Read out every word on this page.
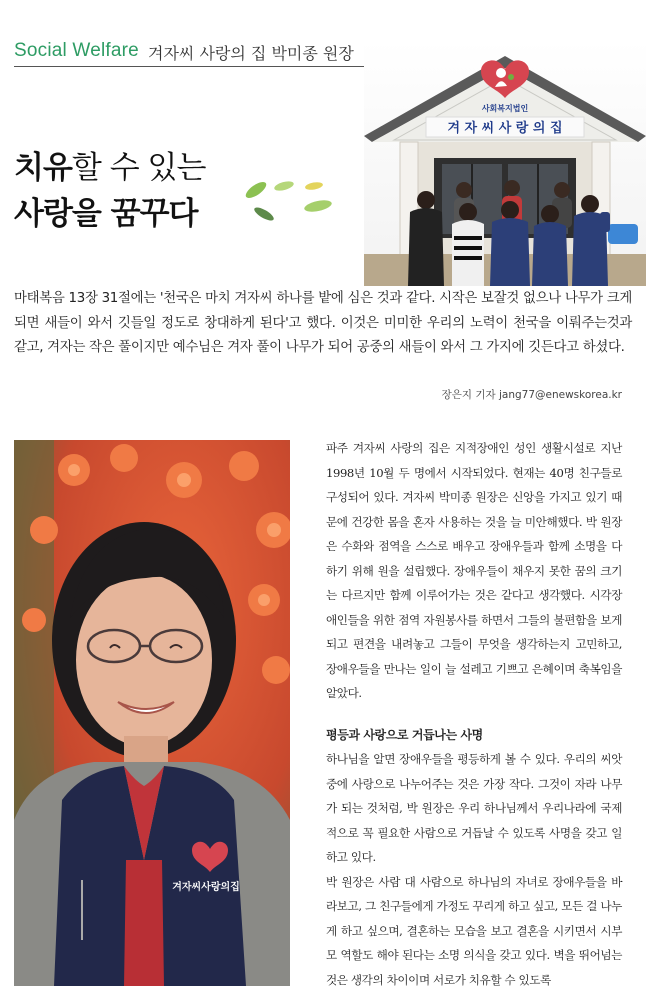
Social Welfare 겨자씨 사랑의 집 박미종 원장
사회복지법인
겨 자 씨 사 랑 의 집
치유할 수 있는
사랑을 꿈꾸다
마태복음 13장 31절에는 '천국은 마치 겨자씨 하나를 밭에 심은 것과 같다. 시작은 보잘것 없으나 나무가 크게 되면 새들이 와서 깃들일 정도로 창대하게 된다'고 했다. 이것은 미미한 우리의 노력이 천국을 이뤄주는것과 같고, 겨자는 작은 풀이지만 예수님은 겨자 풀이 나무가 되어 공중의 새들이 와서 그 가지에 깃든다고 하셨다.
장은지 기자 jang77@enewskorea.kr
겨자씨사랑의집

파주 겨자씨 사랑의 집은 지적장애인 성인 생활시설로 지난 1998년 10월 두 명에서 시작되었다. 현재는 40명 친구들로 구성되어 있다. 겨자씨 박미종 원장은 신앙을 가지고 있기 때문에 건강한 몸을 혼자 사용하는 것을 늘 미안해했다. 박 원장은 수화와 점역을 스스로 배우고 장애우들과 함께 소명을 다 하기 위해 원을 설립했다. 장애우들이 채우지 못한 꿈의 크기는 다르지만 함께 이루어가는 것은 같다고 생각했다. 시각장애인들을 위한 점역 자원봉사를 하면서 그들의 불편함을 보게 되고 편견을 내려놓고 그들이 무엇을 생각하는지 고민하고, 장애우들을 만나는 일이 늘 설레고 기쁘고 은혜이며 축복임을 알았다.

평등과 사랑으로 거듭나는 사명

하나님을 알면 장애우들을 평등하게 볼 수 있다. 우리의 씨앗 중에 사랑으로 나누어주는 것은 가장 작다. 그것이 자라 나무가 되는 것처럼, 박 원장은 우리 하나님께서 우리나라에 국제적으로 꼭 필요한 사람으로 거듭날 수 있도록 사명을 갖고 일하고 있다.

박 원장은 사람 대 사람으로 하나님의 자녀로 장애우들을 바라보고, 그 친구들에게 가정도 꾸리게 하고 싶고, 모든 걸 나누게 하고 싶으며, 결혼하는 모습을 보고 결혼을 시키면서 시부모 역할도 해야 된다는 소명 의식을 갖고 있다. 벽을 뛰어넘는 것은 생각의 차이이며 서로가 치유할 수 있도록
